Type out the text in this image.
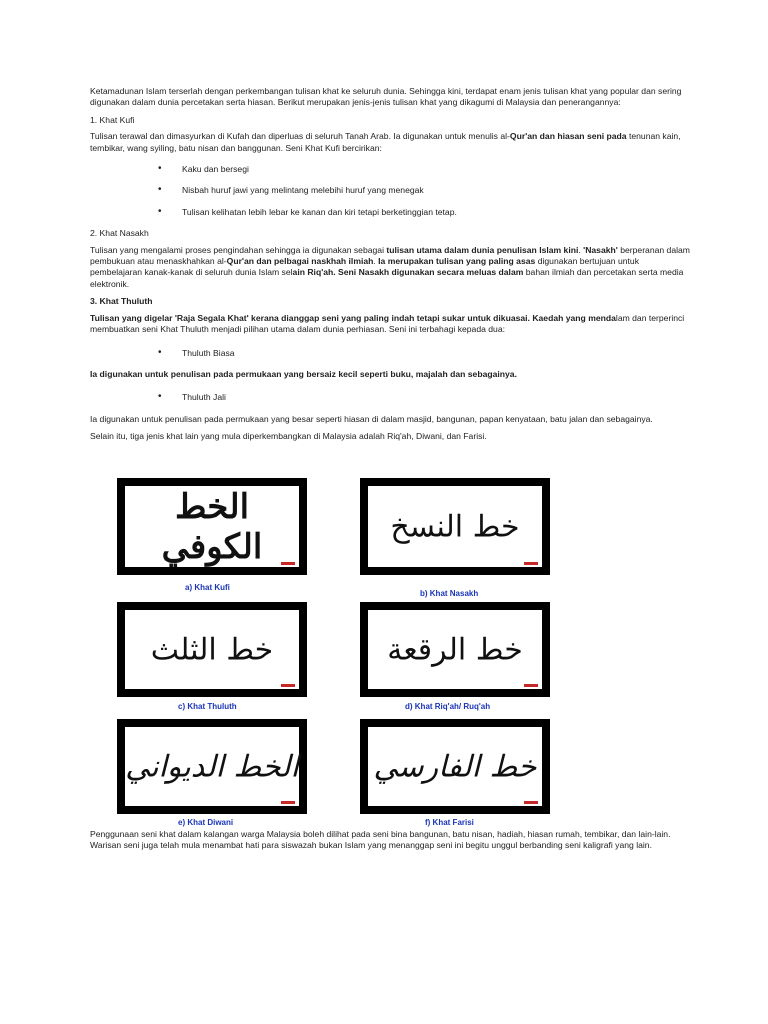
Ketamadunan Islam terserlah dengan perkembangan tulisan khat ke seluruh dunia. Sehingga kini, terdapat enam jenis tulisan khat yang popular dan sering digunakan dalam dunia percetakan serta hiasan. Berikut merupakan jenis-jenis tulisan khat yang dikagumi di Malaysia dan penerangannya:

1. Khat Kufi

Tulisan terawal dan dimasyurkan di Kufah dan diperluas di seluruh Tanah Arab. Ia digunakan untuk menulis al-Qur'an dan hiasan seni pada tenunan kain, tembikar, wang syiling, batu nisan dan banggunan. Seni Khat Kufi bercirikan:

• Kaku dan bersegi
• Nisbah huruf jawi yang melintang melebihi huruf yang menegak
• Tulisan kelihatan lebih lebar ke kanan dan kiri tetapi berketinggian tetap.

2. Khat Nasakh

Tulisan yang mengalami proses pengindahan sehingga ia digunakan sebagai tulisan utama dalam dunia penulisan Islam kini. 'Nasakh' berperanan dalam pembukuan atau menaskhahkan al-Qur'an dan pelbagai naskhah ilmiah. Ia merupakan tulisan yang paling asas digunakan bertujuan untuk pembelajaran kanak-kanak di seluruh dunia Islam selain Riq'ah. Seni Nasakh digunakan secara meluas dalam bahan ilmiah dan percetakan serta media elektronik.

3. Khat Thuluth

Tulisan yang digelar 'Raja Segala Khat' kerana dianggap seni yang paling indah tetapi sukar untuk dikuasai. Kaedah yang mendalam dan terperinci membuatkan seni Khat Thuluth menjadi pilihan utama dalam dunia perhiasan. Seni ini terbahagi kepada dua:

• Thuluth Biasa

Ia digunakan untuk penulisan pada permukaan yang bersaiz kecil seperti buku, majalah dan sebagainya.

• Thuluth Jali

Ia digunakan untuk penulisan pada permukaan yang besar seperti hiasan di dalam masjid, bangunan, papan kenyataan, batu jalan dan sebagainya.

Selain itu, tiga jenis khat lain yang mula diperkembangkan di Malaysia adalah Riq'ah, Diwani, dan Farisi.

الخط الكوفي
a) Khat Kufi
خط النسخ
b) Khat Nasakh
خط الثلث
c) Khat Thuluth
خط الرقعة
d) Khat Riq'ah/ Ruq'ah
الخط الديواني
e) Khat Diwani
خط الفارسي
f) Khat Farisi

Penggunaan seni khat dalam kalangan warga Malaysia boleh dilihat pada seni bina bangunan, batu nisan, hadiah, hiasan rumah, tembikar, dan lain-lain. Warisan seni juga telah mula menambat hati para siswazah bukan Islam yang menanggap seni ini begitu unggul berbanding seni kaligrafi yang lain.
